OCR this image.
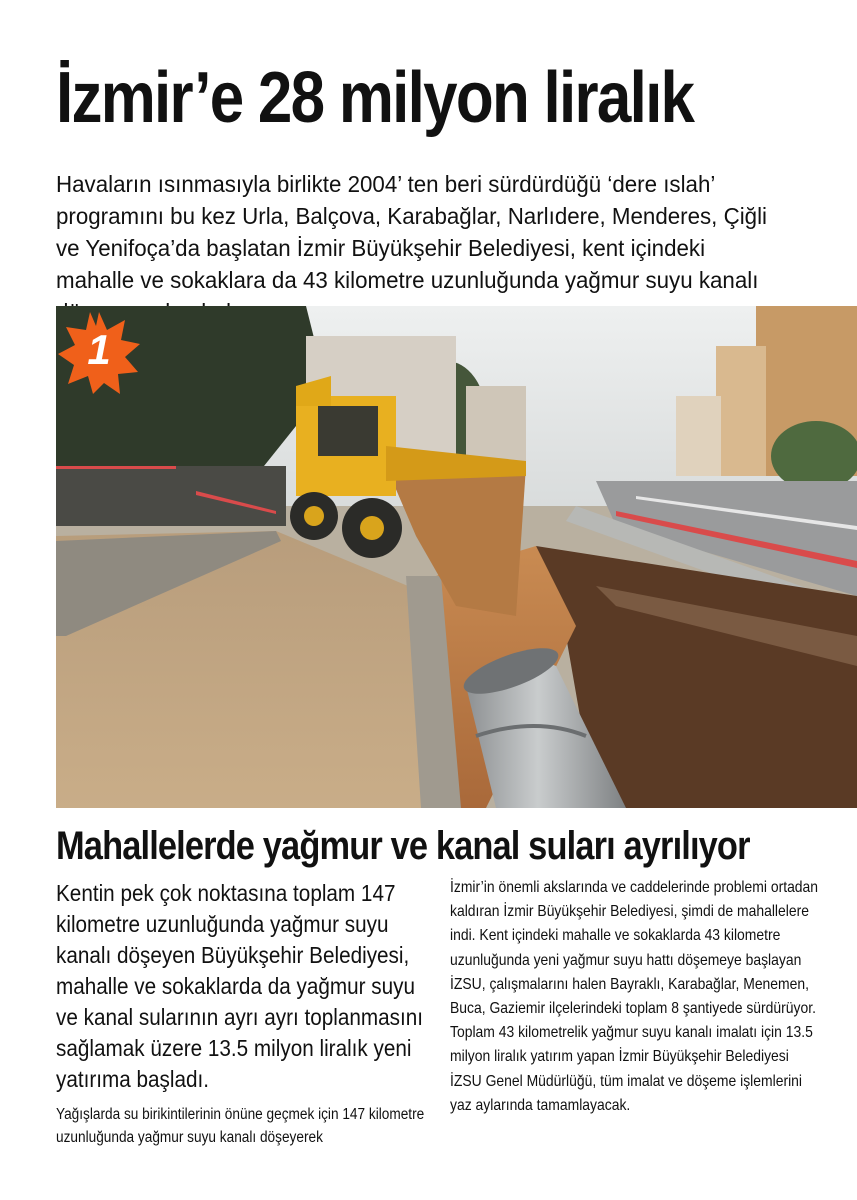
İzmir’e 28 milyon liralık

Havaların ısınmasıyla birlikte 2004’ ten beri sürdürdüğü ‘dere ıslah’ programını bu kez Urla, Balçova, Karabağlar, Narlıdere, Menderes, Çiğli ve Yenifoça’da başlatan İzmir Büyükşehir Belediyesi, kent içindeki mahalle ve sokaklara da 43 kilometre uzunluğunda yağmur suyu kanalı

1
Mahallelerde yağmur ve kanal suları ayrılıyor

Kentin pek çok noktasına toplam 147 kilometre uzunluğunda yağmur suyu kanalı döşeyen Büyükşehir Belediyesi, mahalle ve sokaklarda da yağmur suyu ve kanal sularının ayrı ayrı toplanmasını sağlamak üzere 13.5 milyon liralık yeni yatırıma başladı.

Yağışlarda su birikintilerinin önüne geçmek için 147 kilometre uzunluğunda yağmur suyu kanalı döşeyerek

İzmir’in önemli akslarında ve caddelerinde problemi ortadan kaldıran İzmir Büyükşehir Belediyesi, şimdi de mahallelere indi. Kent içindeki mahalle ve sokaklarda 43 kilometre uzunluğunda yeni yağmur suyu hattı döşemeye başlayan İZSU, çalışmalarını halen Bayraklı, Karabağlar, Menemen, Buca, Gaziemir ilçelerindeki toplam 8 şantiyede sürdürüyor. Toplam 43 kilometrelik yağmur suyu kanalı imalatı için 13.5 milyon liralık yatırım yapan İzmir Büyükşehir Belediyesi İZSU Genel Müdürlüğü, tüm imalat ve döşeme işlemlerini yaz aylarında tamamlayacak.
